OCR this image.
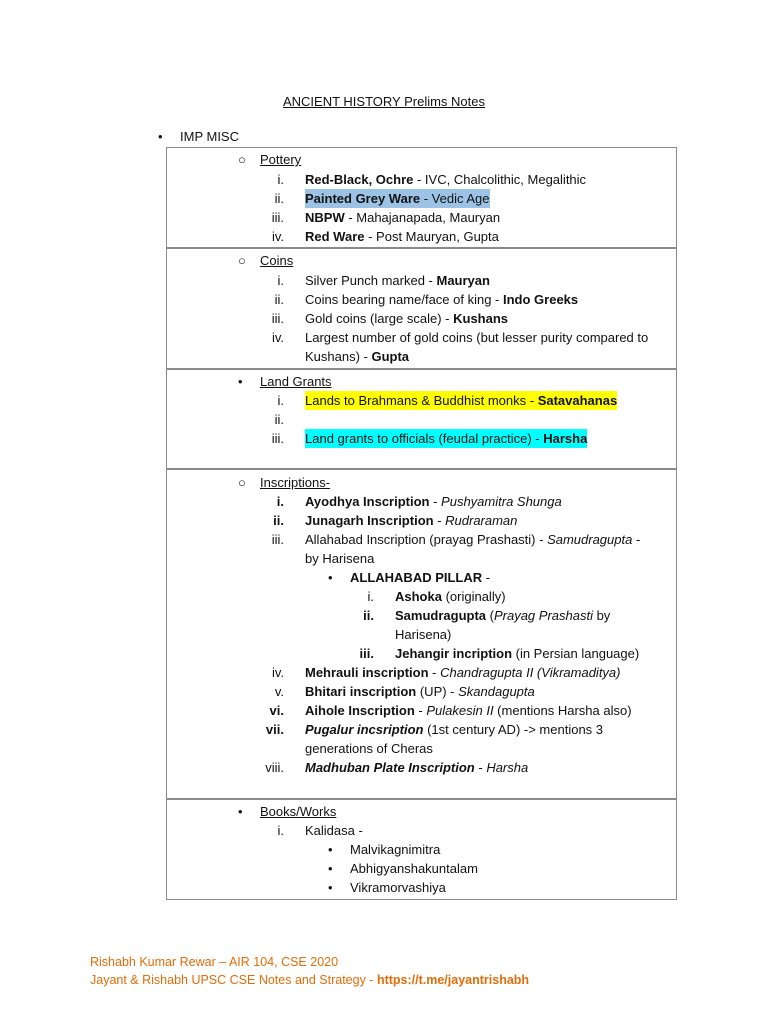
ANCIENT HISTORY Prelims Notes
• IMP MISC
○ Pottery
i. Red-Black, Ochre - IVC, Chalcolithic, Megalithic
ii. Painted Grey Ware - Vedic Age
iii. NBPW - Mahajanapada, Mauryan
iv. Red Ware - Post Mauryan, Gupta
○ Coins
i. Silver Punch marked - Mauryan
ii. Coins bearing name/face of king - Indo Greeks
iii. Gold coins (large scale) - Kushans
iv. Largest number of gold coins (but lesser purity compared to
Kushans) - Gupta
• Land Grants
i. Lands to Brahmans & Buddhist monks - Satavahanas
ii.
iii. Land grants to officials (feudal practice) - Harsha
○ Inscriptions-
i. Ayodhya Inscription - Pushyamitra Shunga
ii. Junagarh Inscription - Rudraraman
iii. Allahabad Inscription (prayag Prashasti) - Samudragupta -
by Harisena
• ALLAHABAD PILLAR -
i. Ashoka (originally)
ii. Samudragupta (Prayag Prashasti by
Harisena)
iii. Jehangir incription (in Persian language)
iv. Mehrauli inscription - Chandragupta II (Vikramaditya)
v. Bhitari inscription (UP) - Skandagupta
vi. Aihole Inscription - Pulakesin II (mentions Harsha also)
vii. Pugalur incsription (1st century AD) -> mentions 3
generations of Cheras
viii. Madhuban Plate Inscription - Harsha
• Books/Works
i. Kalidasa -
• Malvikagnimitra
• Abhigyanshakuntalam
• Vikramorvashiya
Rishabh Kumar Rewar – AIR 104, CSE 2020
Jayant & Rishabh UPSC CSE Notes and Strategy - https://t.me/jayantrishabh
